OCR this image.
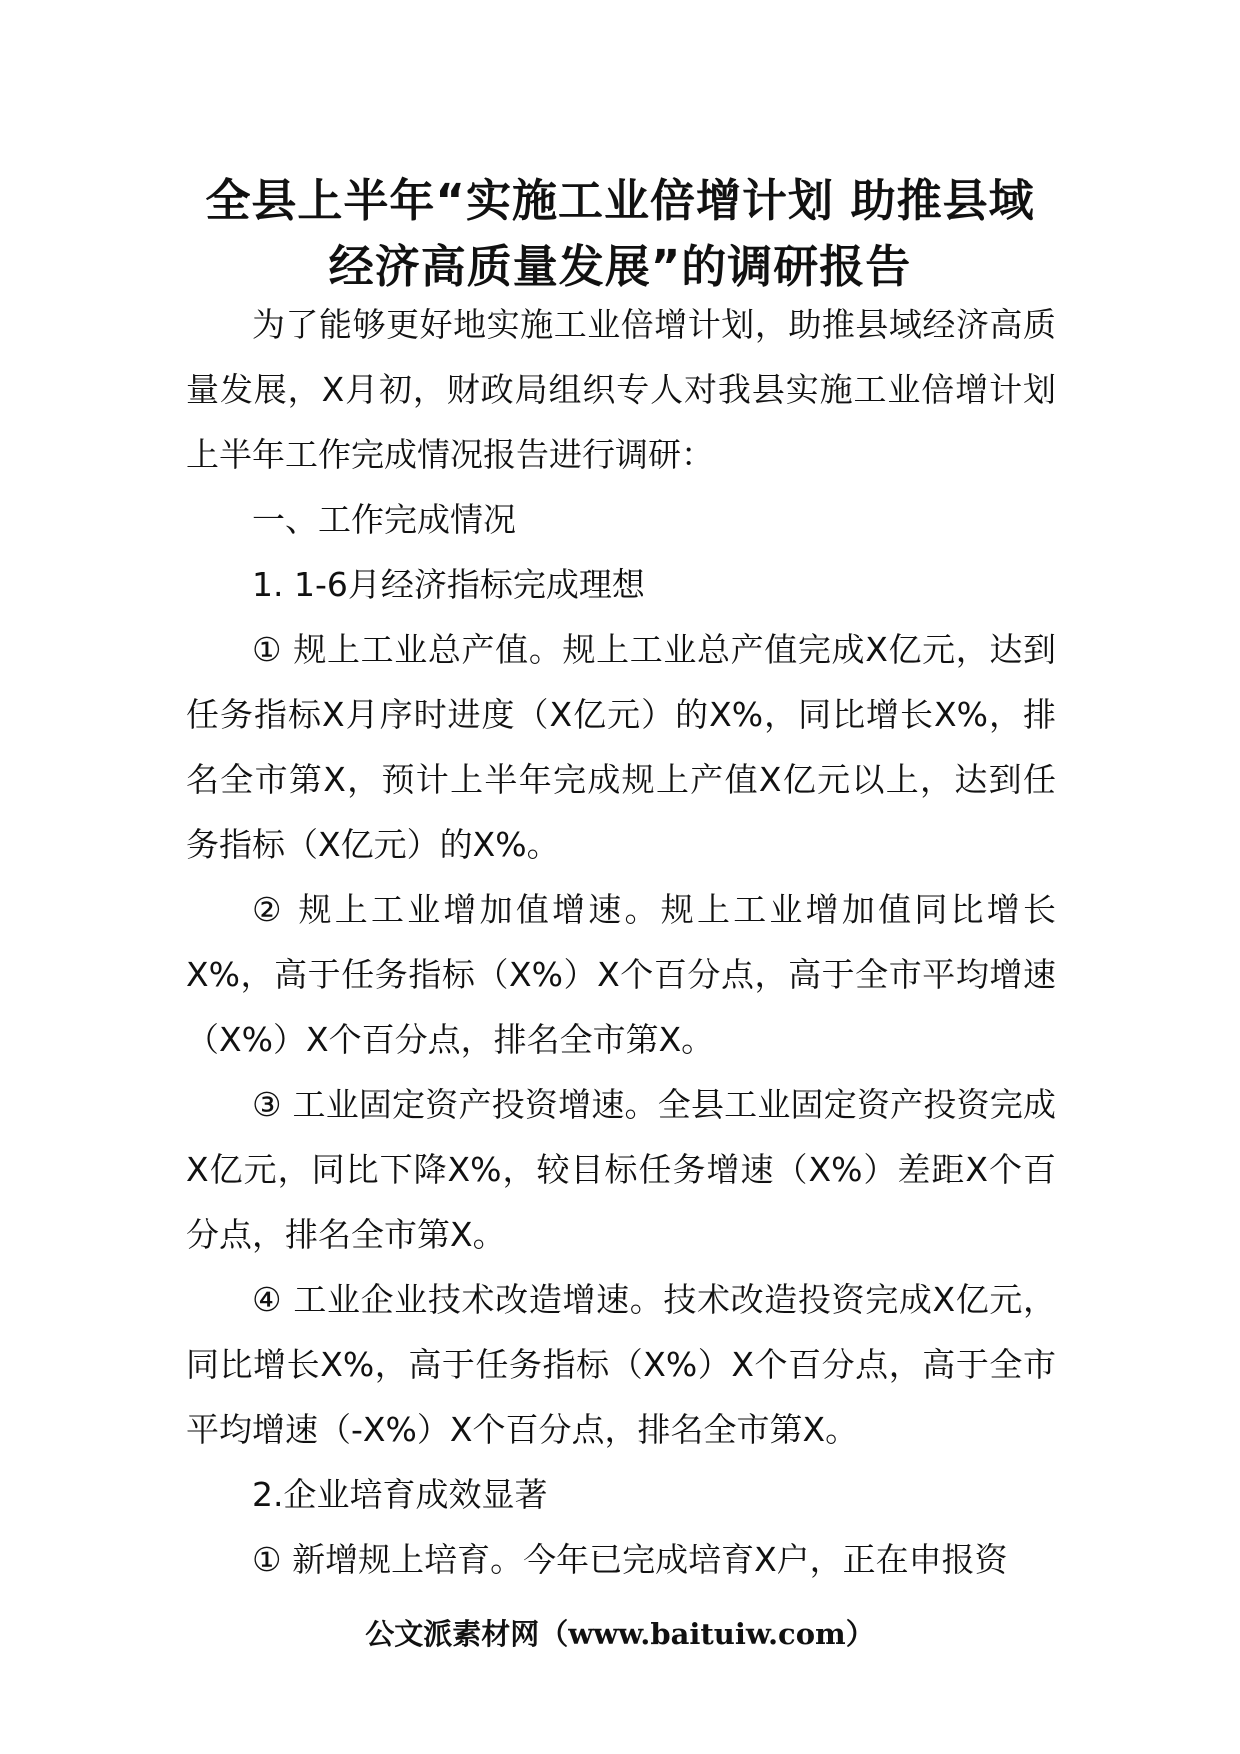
全县上半年“实施工业倍增计划 助推县域
经济高质量发展”的调研报告

为了能够更好地实施工业倍增计划，助推县域经济高质量发展，X月初，财政局组织专人对我县实施工业倍增计划上半年工作完成情况报告进行调研：

一、工作完成情况

1. 1-6月经济指标完成理想

① 规上工业总产值。规上工业总产值完成X亿元，达到任务指标X月序时进度（X亿元）的X%，同比增长X%，排名全市第X，预计上半年完成规上产值X亿元以上，达到任务指标（X亿元）的X%。

② 规上工业增加值增速。规上工业增加值同比增长X%，高于任务指标（X%）X个百分点，高于全市平均增速（X%）X个百分点，排名全市第X。

③ 工业固定资产投资增速。全县工业固定资产投资完成X亿元，同比下降X%，较目标任务增速（X%）差距X个百分点，排名全市第X。

④ 工业企业技术改造增速。技术改造投资完成X亿元，同比增长X%，高于任务指标（X%）X个百分点，高于全市平均增速（-X%）X个百分点，排名全市第X。

2.企业培育成效显著

① 新增规上培育。今年已完成培育X户，正在申报资

公文派素材网（www.baituiw.com）
